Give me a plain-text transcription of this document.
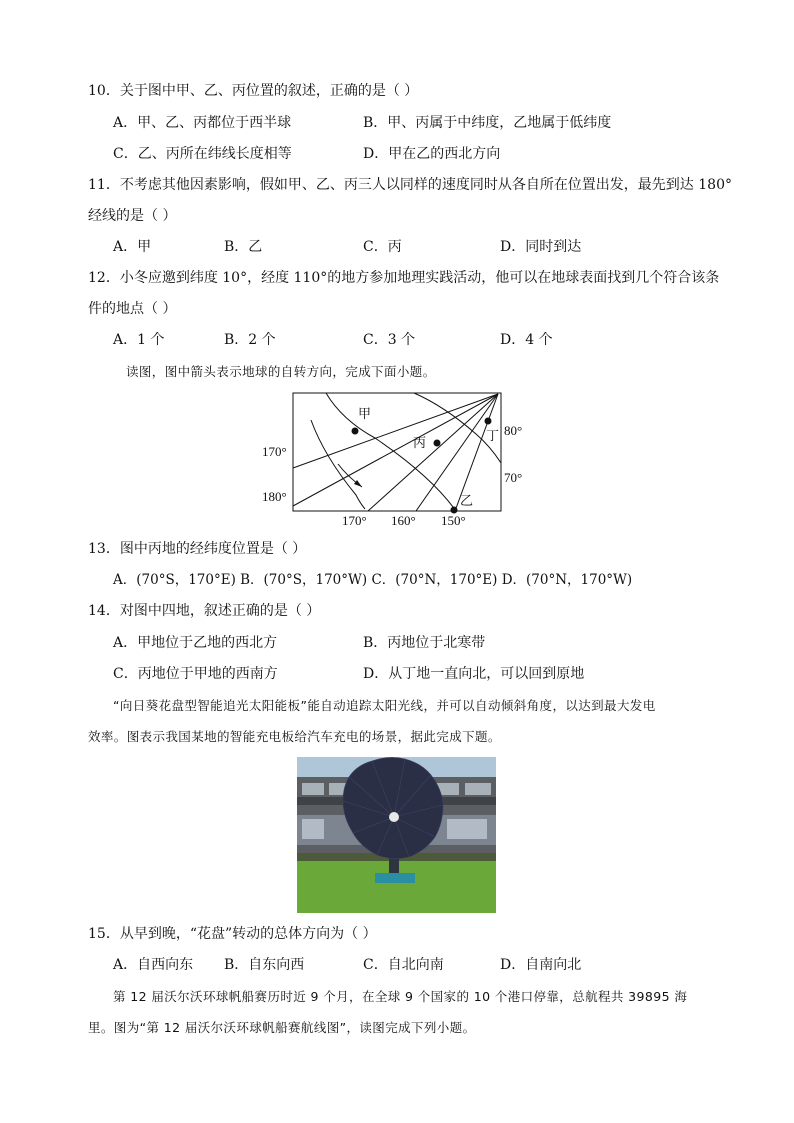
10．关于图中甲、乙、丙位置的叙述，正确的是（ ）
A．甲、乙、丙都位于西半球	B．甲、丙属于中纬度，乙地属于低纬度
C．乙、丙所在纬线长度相等	D．甲在乙的西北方向
11．不考虑其他因素影响，假如甲、乙、丙三人以同样的速度同时从各自所在位置出发，最先到达 180°
经线的是（ ）
A．甲	B．乙	C．丙	D．同时到达
12．小冬应邀到纬度 10°，经度 110°的地方参加地理实践活动，他可以在地球表面找到几个符合该条
件的地点（ ）
A．1 个	B．2 个	C．3 个	D．4 个
读图，图中箭头表示地球的自转方向，完成下面小题。
甲
丙	丁
乙
80°
70°
170°
180°
170° 160° 150°
13．图中丙地的经纬度位置是（ ）
A．(70°S，170°E) B．(70°S，170°W) C．(70°N，170°E) D．(70°N，170°W)
14．对图中四地，叙述正确的是（ ）
A．甲地位于乙地的西北方	B．丙地位于北寒带
C．丙地位于甲地的西南方	D．从丁地一直向北，可以回到原地
“向日葵花盘型智能追光太阳能板”能自动追踪太阳光线，并可以自动倾斜角度，以达到最大发电
效率。图表示我国某地的智能充电板给汽车充电的场景，据此完成下题。
15．从早到晚，“花盘”转动的总体方向为（ ）
A．自西向东 B．自东向西	C．自北向南	D．自南向北
第 12 届沃尔沃环球帆船赛历时近 9 个月，在全球 9 个国家的 10 个港口停靠，总航程共 39895 海
里。图为“第 12 届沃尔沃环球帆船赛航线图”，读图完成下列小题。
